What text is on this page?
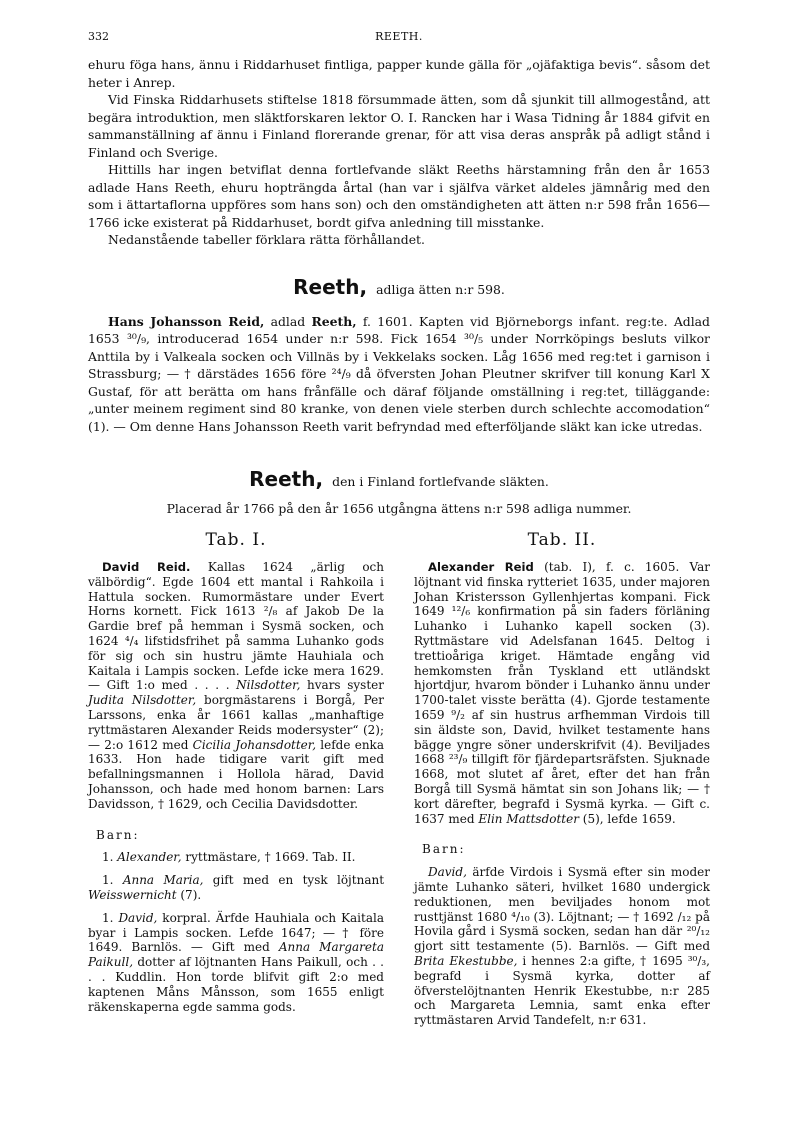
332	REETH.

ehuru föga hans, ännu i Riddarhuset fintliga, papper kunde gälla för „ojäfaktiga bevis“. såsom det heter i Anrep.

Vid Finska Riddarhusets stiftelse 1818 försummade ätten, som då sjunkit till allmogestånd, att begära introduktion, men släktforskaren lektor O. I. Rancken har i Wasa Tidning år 1884 gifvit en sammanställning af ännu i Finland florerande grenar, för att visa deras anspråk på adligt stånd i Finland och Sverige.

Hittills har ingen betviflat denna fortlefvande släkt Reeths härstamning från den år 1653 adlade Hans Reeth, ehuru hopträngda årtal (han var i själfva värket aldeles jämnårig med den som i ättartaflorna uppföres som hans son) och den omständigheten att ätten n:r 598 från 1656—1766 icke existerat på Riddarhuset, bordt gifva anledning till misstanke.

Nedanstående tabeller förklara rätta förhållandet.

Reeth, adliga ätten n:r 598.

Hans Johansson Reid, adlad Reeth, f. 1601. Kapten vid Björneborgs infant. reg:te. Adlad 1653 ³⁰/₉, introducerad 1654 under n:r 598. Fick 1654 ³⁰/₅ under Norrköpings besluts vilkor Anttila by i Valkeala socken och Villnäs by i Vekkelaks socken. Låg 1656 med reg:tet i garnison i Strassburg; — † därstädes 1656 före ²⁴/₉ då öfversten Johan Pleutner skrifver till konung Karl X Gustaf, för att berätta om hans frånfälle och däraf följande omställning i reg:tet, tilläggande: „unter meinem regiment sind 80 kranke, von denen viele sterben durch schlechte accomodation“ (1). — Om denne Hans Johansson Reeth varit befryndad med efterföljande släkt kan icke utredas.

Reeth, den i Finland fortlefvande släkten.

Placerad år 1766 på den år 1656 utgångna ättens n:r 598 adliga nummer.

Tab. I.

David Reid. Kallas 1624 „ärlig och välbördig“. Egde 1604 ett mantal i Rahkoila i Hattula socken. Rumormästare under Evert Horns kornett. Fick 1613 ²/₈ af Jakob De la Gardie bref på hemman i Sysmä socken, och 1624 ⁴/₄ lifstidsfrihet på samma Luhanko gods för sig och sin hustru jämte Hauhiala och Kaitala i Lampis socken. Lefde icke mera 1629. — Gift 1:o med . . . . Nilsdotter, hvars syster Judita Nilsdotter, borgmästarens i Borgå, Per Larssons, enka år 1661 kallas „manhaftige ryttmästaren Alexander Reids modersyster“ (2); — 2:o 1612 med Cicilia Johansdotter, lefde enka 1633. Hon hade tidigare varit gift med befallningsmannen i Hollola härad, David Johansson, och hade med honom barnen: Lars Davidsson, † 1629, och Cecilia Davidsdotter.

Barn:

1. Alexander, ryttmästare, † 1669. Tab. II.

1. Anna Maria, gift med en tysk löjtnant Weisswernicht (7).

1. David, korpral. Ärfde Hauhiala och Kaitala byar i Lampis socken. Lefde 1647; — † före 1649. Barnlös. — Gift med Anna Margareta Paikull, dotter af löjtnanten Hans Paikull, och . . . . Kuddlin. Hon torde blifvit gift 2:o med kaptenen Måns Månsson, som 1655 enligt räkenskaperna egde samma gods.

Tab. II.

Alexander Reid (tab. I), f. c. 1605. Var löjtnant vid finska rytteriet 1635, under majoren Johan Kristersson Gyllenhjertas kompani. Fick 1649 ¹²/₆ konfirmation på sin faders förläning Luhanko i Luhanko kapell socken (3). Ryttmästare vid Adelsfanan 1645. Deltog i trettioåriga kriget. Hämtade engång vid hemkomsten från Tyskland ett utländskt hjortdjur, hvarom bönder i Luhanko ännu under 1700-talet visste berätta (4). Gjorde testamente 1659 ⁹/₂ af sin hustrus arfhemman Virdois till sin äldste son, David, hvilket testamente hans bägge yngre söner underskrifvit (4). Beviljades 1668 ²³/₉ tillgift för fjärdepartsräfsten. Sjuknade 1668, mot slutet af året, efter det han från Borgå till Sysmä hämtat sin son Johans lik; — † kort därefter, begrafd i Sysmä kyrka. — Gift c. 1637 med Elin Mattsdotter (5), lefde 1659.

Barn:

David, ärfde Virdois i Sysmä efter sin moder jämte Luhanko säteri, hvilket 1680 undergick reduktionen, men beviljades honom mot rusttjänst 1680 ⁴/₁₀ (3). Löjtnant; — † 1692 /₁₂ på Hovila gård i Sysmä socken, sedan han där ²⁰/₁₂ gjort sitt testamente (5). Barnlös. — Gift med Brita Ekestubbe, i hennes 2:a gifte, † 1695 ³⁰/₃, begrafd i Sysmä kyrka, dotter af öfverstelöjtnanten Henrik Ekestubbe, n:r 285 och Margareta Lemnia, samt enka efter ryttmästaren Arvid Tandefelt, n:r 631.
